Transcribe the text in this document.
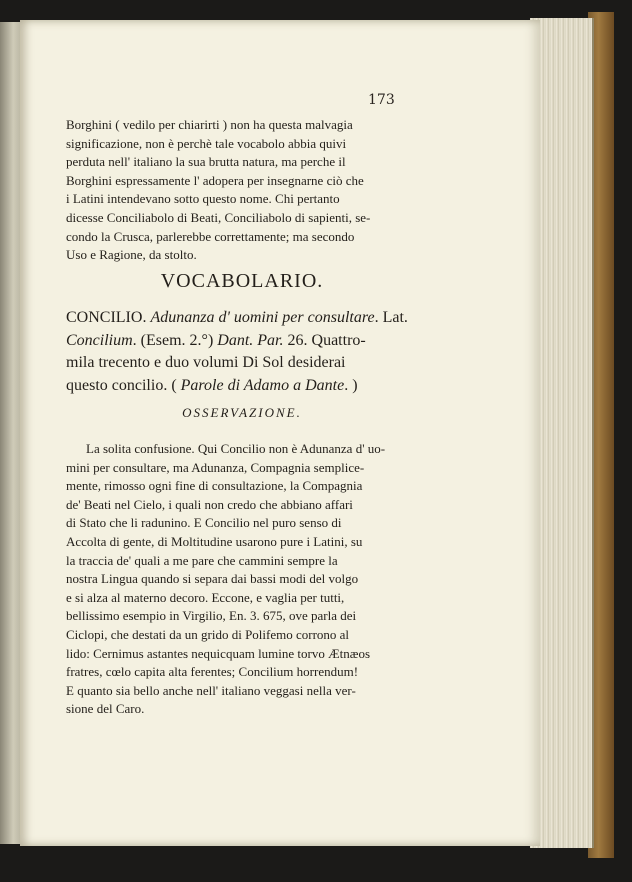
173

Borghini ( vedilo per chiarirti ) non ha questa malvagia
significazione, non è perchè tale vocabolo abbia quivi
perduta nell' italiano la sua brutta natura, ma perche il
Borghini espressamente l' adopera per insegnarne ciò che
i Latini intendevano sotto questo nome. Chi pertanto
dicesse Conciliabolo di Beati, Conciliabolo di sapienti, se-
condo la Crusca, parlerebbe correttamente; ma secondo
Uso e Ragione, da stolto.

VOCABOLARIO.

CONCILIO. Adunanza d' uomini per consultare. Lat.
Concilium. (Esem. 2.°) Dant. Par. 26. Quattro-
mila trecento e duo volumi Di Sol desiderai
questo concilio. ( Parole di Adamo a Dante. )

OSSERVAZIONE.

La solita confusione. Qui Concilio non è Adunanza d' uo-
mini per consultare, ma Adunanza, Compagnia semplice-
mente, rimosso ogni fine di consultazione, la Compagnia
de' Beati nel Cielo, i quali non credo che abbiano affari
di Stato che li radunino. E Concilio nel puro senso di
Accolta di gente, di Moltitudine usarono pure i Latini, su
la traccia de' quali a me pare che cammini sempre la
nostra Lingua quando si separa dai bassi modi del volgo
e si alza al materno decoro. Eccone, e vaglia per tutti,
bellissimo esempio in Virgilio, En. 3. 675, ove parla dei
Ciclopi, che destati da un grido di Polifemo corrono al
lido: Cernimus astantes nequicquam lumine torvo Ætnæos
fratres, cœlo capita alta ferentes; Concilium horrendum!
E quanto sia bello anche nell' italiano veggasi nella ver-
sione del Caro.
